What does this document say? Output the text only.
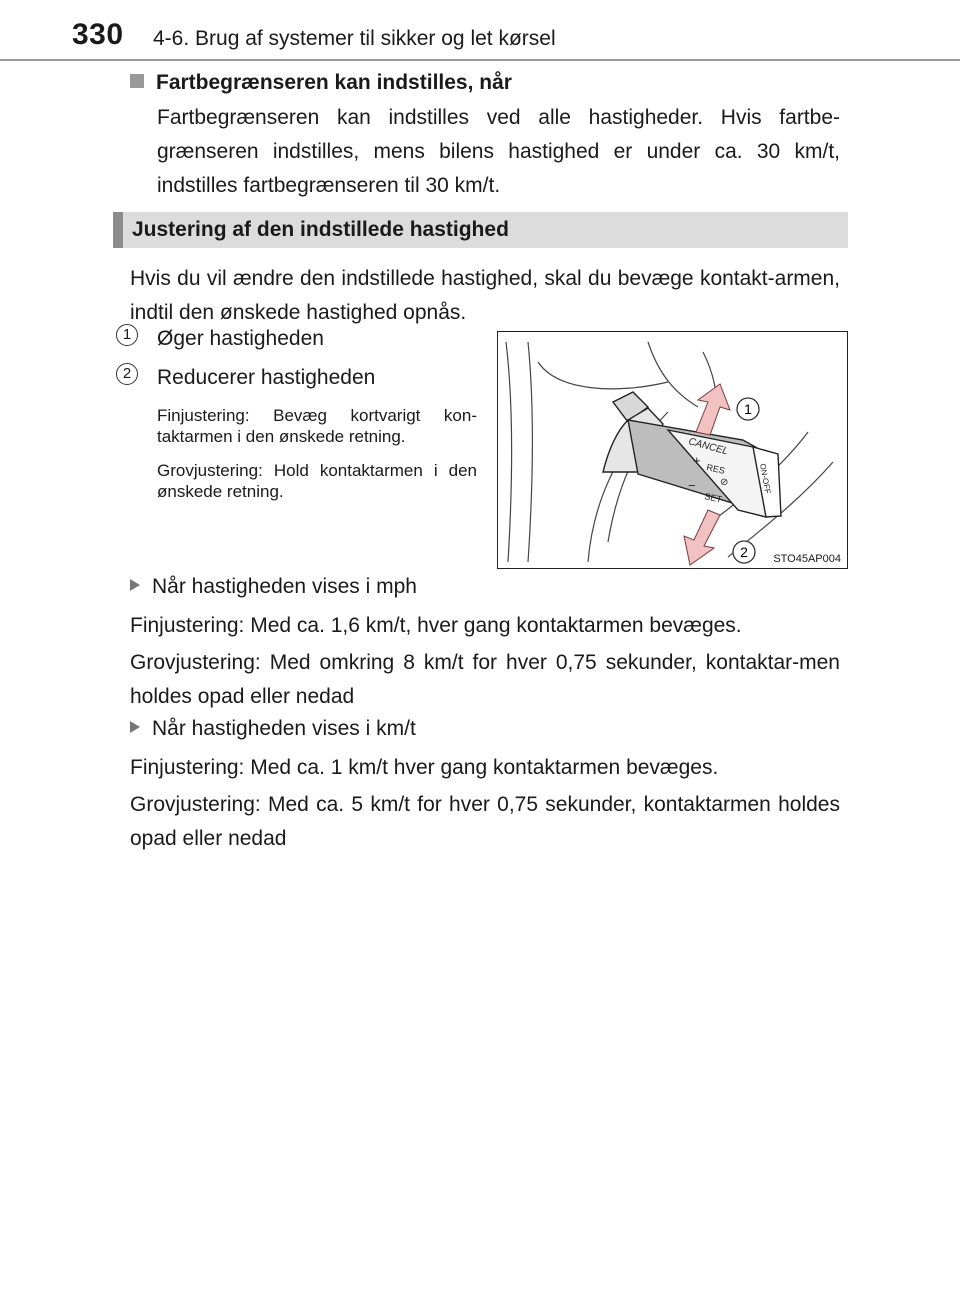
330 4-6. Brug af systemer til sikker og let kørsel
Fartbegrænseren kan indstilles, når
Fartbegrænseren kan indstilles ved alle hastigheder. Hvis fartbe-grænseren indstilles, mens bilens hastighed er under ca. 30 km/t, indstilles fartbegrænseren til 30 km/t.
Justering af den indstillede hastighed
Hvis du vil ændre den indstillede hastighed, skal du bevæge kontakt-armen, indtil den ønskede hastighed opnås.
1	Øger hastigheden
2	Reducerer hastigheden
Finjustering: Bevæg kortvarigt kon-taktarmen i den ønskede retning.
Grovjustering: Hold kontaktarmen i den ønskede retning.
CANCEL
+
RES
−
SET
ON-OFF
⊘
1
2 STO45AP004
Når hastigheden vises i mph
Finjustering: Med ca. 1,6 km/t, hver gang kontaktarmen bevæges.
Grovjustering: Med omkring 8 km/t for hver 0,75 sekunder, kontaktar-men holdes opad eller nedad
Når hastigheden vises i km/t
Finjustering: Med ca. 1 km/t hver gang kontaktarmen bevæges.
Grovjustering: Med ca. 5 km/t for hver 0,75 sekunder, kontaktarmen holdes opad eller nedad
